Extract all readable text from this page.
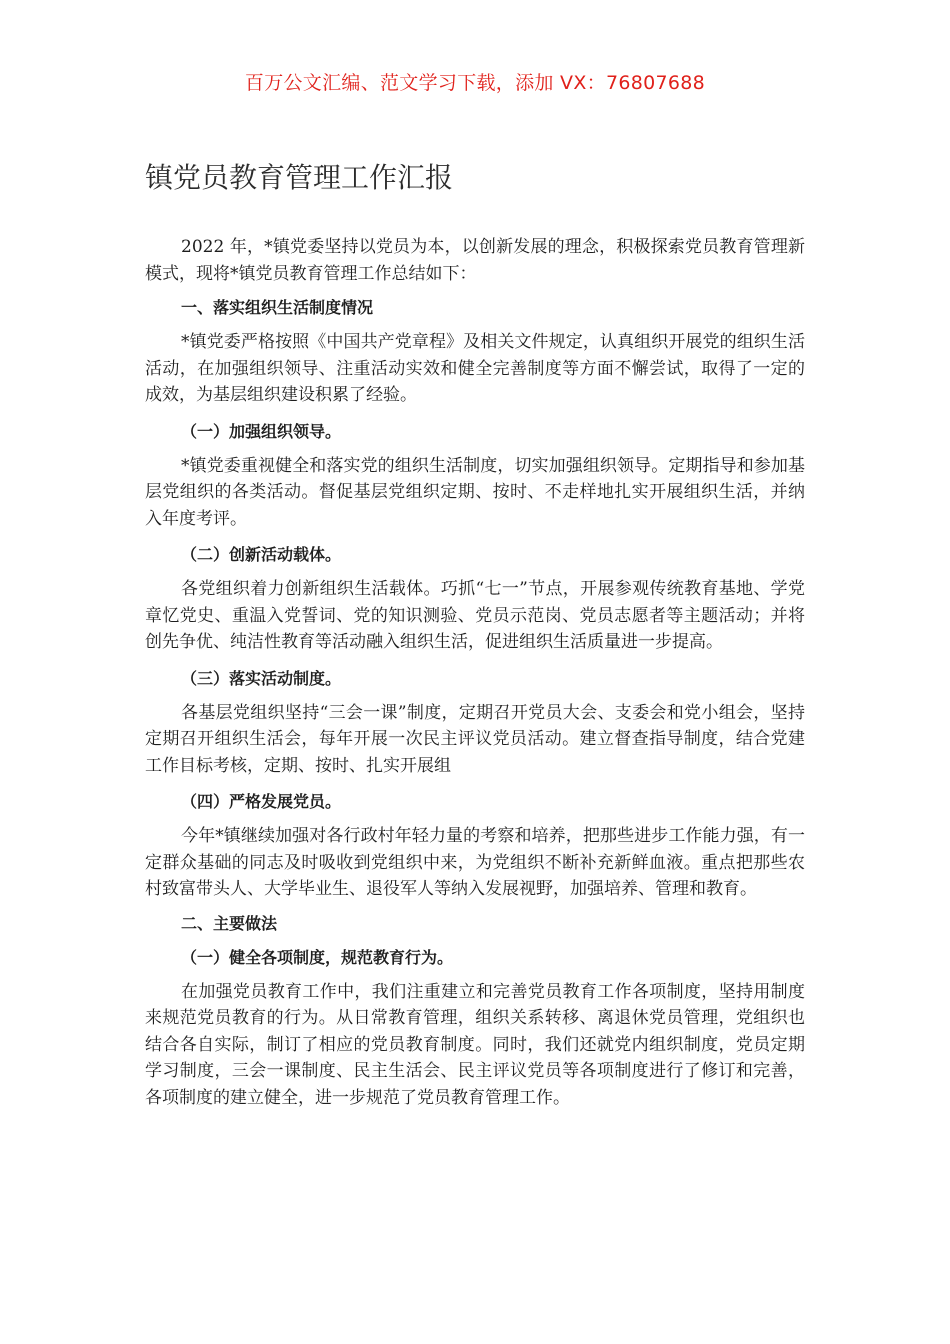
百万公文汇编、范文学习下载，添加 VX：76807688
镇党员教育管理工作汇报

2022 年，*镇党委坚持以党员为本，以创新发展的理念，积极探索党员教育管理新模式，现将*镇党员教育管理工作总结如下：

一、落实组织生活制度情况

*镇党委严格按照《中国共产党章程》及相关文件规定，认真组织开展党的组织生活活动，在加强组织领导、注重活动实效和健全完善制度等方面不懈尝试，取得了一定的成效，为基层组织建设积累了经验。

（一）加强组织领导。

*镇党委重视健全和落实党的组织生活制度，切实加强组织领导。定期指导和参加基层党组织的各类活动。督促基层党组织定期、按时、不走样地扎实开展组织生活，并纳入年度考评。

（二）创新活动载体。

各党组织着力创新组织生活载体。巧抓“七一”节点，开展参观传统教育基地、学党章忆党史、重温入党誓词、党的知识测验、党员示范岗、党员志愿者等主题活动；并将创先争优、纯洁性教育等活动融入组织生活，促进组织生活质量进一步提高。

（三）落实活动制度。

各基层党组织坚持“三会一课”制度，定期召开党员大会、支委会和党小组会，坚持定期召开组织生活会，每年开展一次民主评议党员活动。建立督查指导制度，结合党建工作目标考核，定期、按时、扎实开展组

（四）严格发展党员。

今年*镇继续加强对各行政村年轻力量的考察和培养，把那些进步工作能力强，有一定群众基础的同志及时吸收到党组织中来，为党组织不断补充新鲜血液。重点把那些农村致富带头人、大学毕业生、退役军人等纳入发展视野，加强培养、管理和教育。

二、主要做法

（一）健全各项制度，规范教育行为。

在加强党员教育工作中，我们注重建立和完善党员教育工作各项制度，坚持用制度来规范党员教育的行为。从日常教育管理，组织关系转移、离退休党员管理，党组织也结合各自实际，制订了相应的党员教育制度。同时，我们还就党内组织制度，党员定期学习制度，三会一课制度、民主生活会、民主评议党员等各项制度进行了修订和完善，各项制度的建立健全，进一步规范了党员教育管理工作。
